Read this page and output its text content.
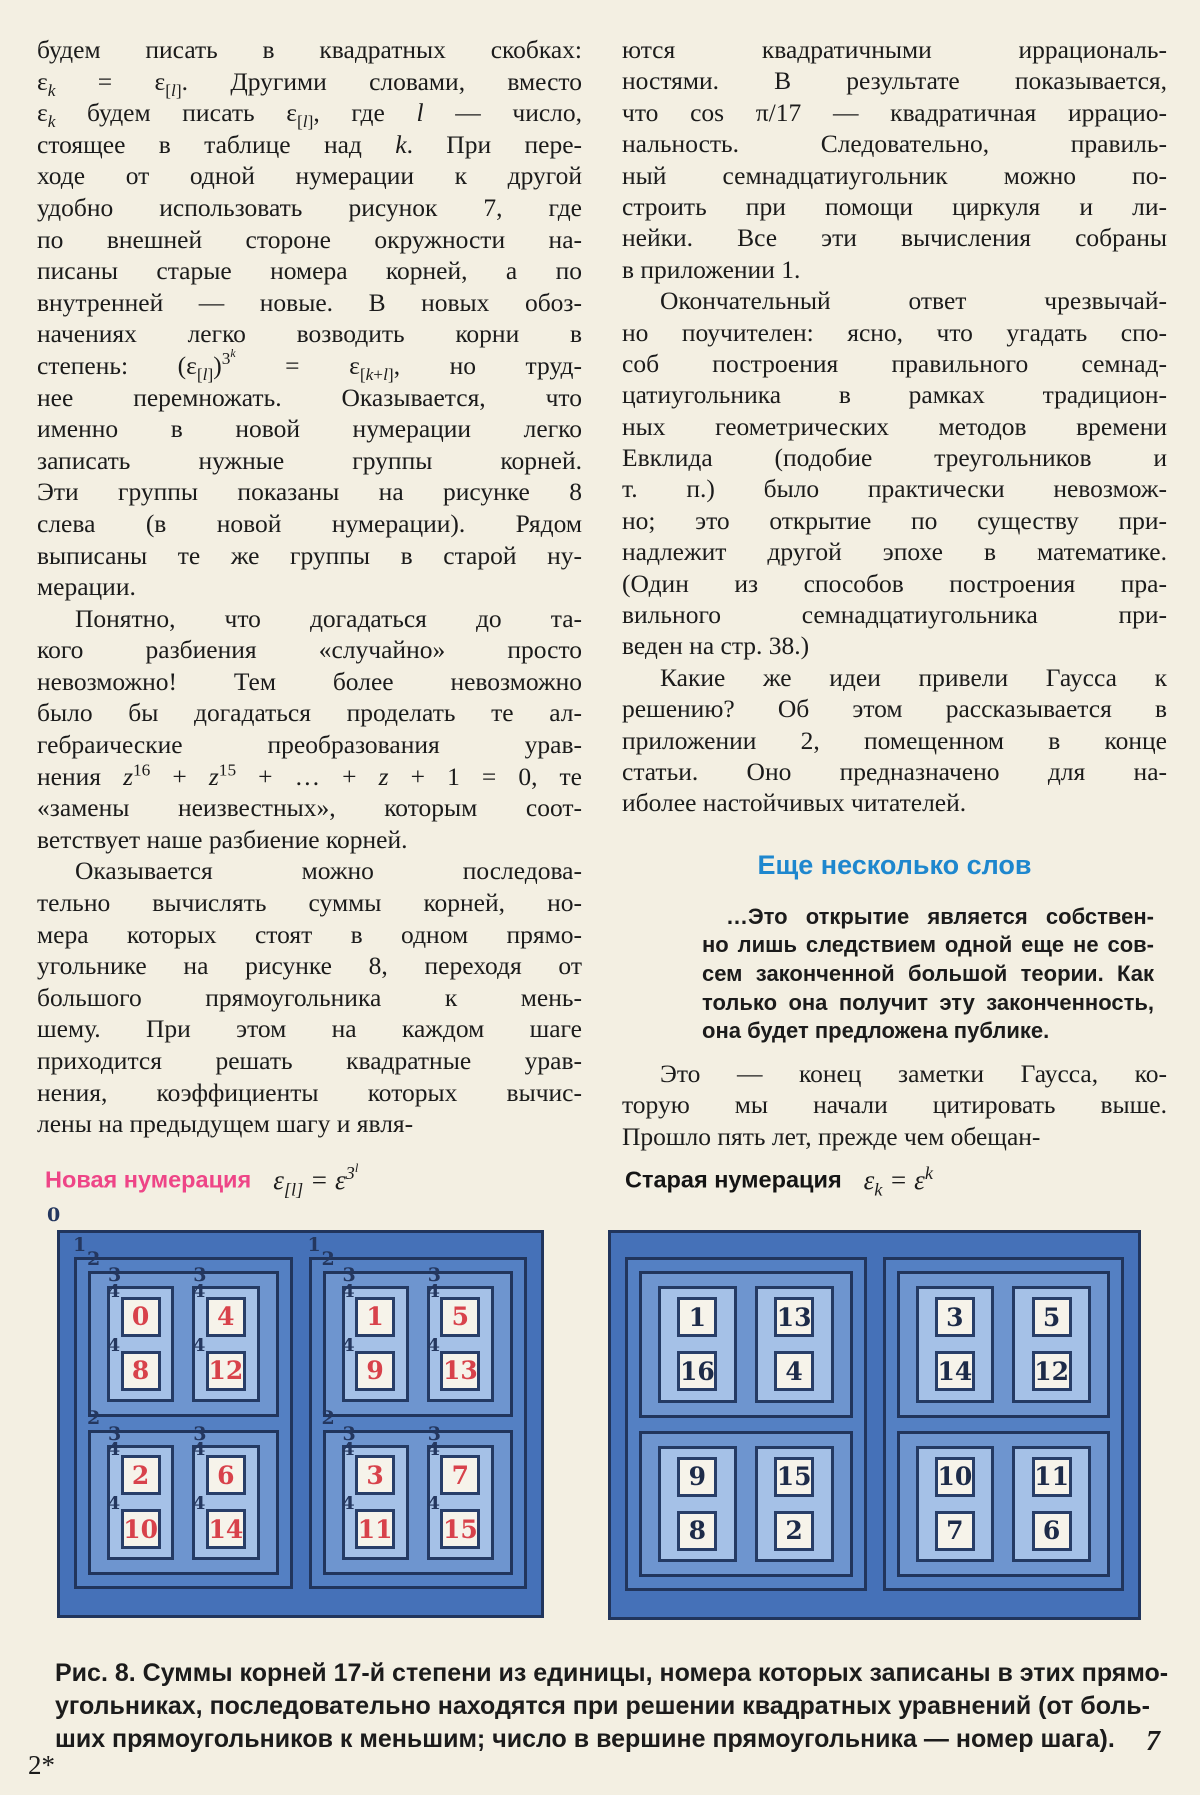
будем писать в квадратных скобках:
$\varepsilon_k = \varepsilon_{[l]}$. Другими словами, вместо
$\varepsilon_k$ будем писать $\varepsilon_{[l]}$, где l — число,
стоящее в таблице над k. При пере-
ходе от одной нумерации к другой
удобно использовать рисунок 7, где
по внешней стороне окружности на-
писаны старые номера корней, а по
внутренней — новые. В новых обоз-
начениях легко возводить корни в
степень: $(\varepsilon_{[l]})^{3^k} = \varepsilon_{[k+l]}$, но труд-
нее перемножать. Оказывается, что
именно в новой нумерации легко
записать нужные группы корней.
Эти группы показаны на рисунке 8
слева (в новой нумерации). Рядом
выписаны те же группы в старой ну-
мерации.
Понятно, что догадаться до та-
кого разбиения «случайно» просто
невозможно! Тем более невозможно
было бы догадаться проделать те ал-
гебраические преобразования урав-
нения $z^{16} + z^{15}$ + … + z + 1 = 0, те
«замены неизвестных», которым соот-
ветствует наше разбиение корней.
Оказывается можно последова-
тельно вычислять суммы корней, но-
мера которых стоят в одном прямо-
угольнике на рисунке 8, переходя от
большого прямоугольника к мень-
шему. При этом на каждом шаге
приходится решать квадратные урав-
нения, коэффициенты которых вычис-
лены на предыдущем шагу и явля-
ются квадратичными иррациональ-
ностями. В результате показывается,
что cos π/17 — квадратичная иррацио-
нальность. Следовательно, правиль-
ный семнадцатиугольник можно по-
строить при помощи циркуля и ли-
нейки. Все эти вычисления собраны
в приложении 1.
Окончательный ответ чрезвычай-
но поучителен: ясно, что угадать спо-
соб построения правильного семнад-
цатиугольника в рамках традицион-
ных геометрических методов времени
Евклида (подобие треугольников и
т. п.) было практически невозмож-
но; это открытие по существу при-
надлежит другой эпохе в математике.
(Один из способов построения пра-
вильного семнадцатиугольника при-
веден на стр. 38.)
Какие же идеи привели Гаусса к
решению? Об этом рассказывается в
приложении 2, помещенном в конце
статьи. Оно предназначено для на-
иболее настойчивых читателей.
Еще несколько слов
…Это открытие является собствен-
но лишь следствием одной еще не сов-
сем законченной большой теории. Как
только она получит эту законченность,
она будет предложена публике.
Это — конец заметки Гаусса, ко-
торую мы начали цитировать выше.
Прошло пять лет, прежде чем обещан-
Новая нумерация $\varepsilon_{[l]} = \varepsilon^{3^l}$	Старая нумерация $\varepsilon_k = \varepsilon^k$
0
1
2
3
4
0
4
8
3
4
4
4
12
2
3
4
2
4
10
3
4
6
4
14
1
2
3
4
1
4
9
3
4
5
4
13
2
3
4
3
4
11
3
4
7
4
15
1
16
13
4
9
8
15
2
3
14
5
12
10
7
11
6
Рис. 8. Суммы корней 17-й степени из единицы, номера которых записаны в этих прямо-
угольниках, последовательно находятся при решении квадратных уравнений (от боль-
ших прямоугольников к меньшим; число в вершине прямоугольника — номер шага).	7
2*
